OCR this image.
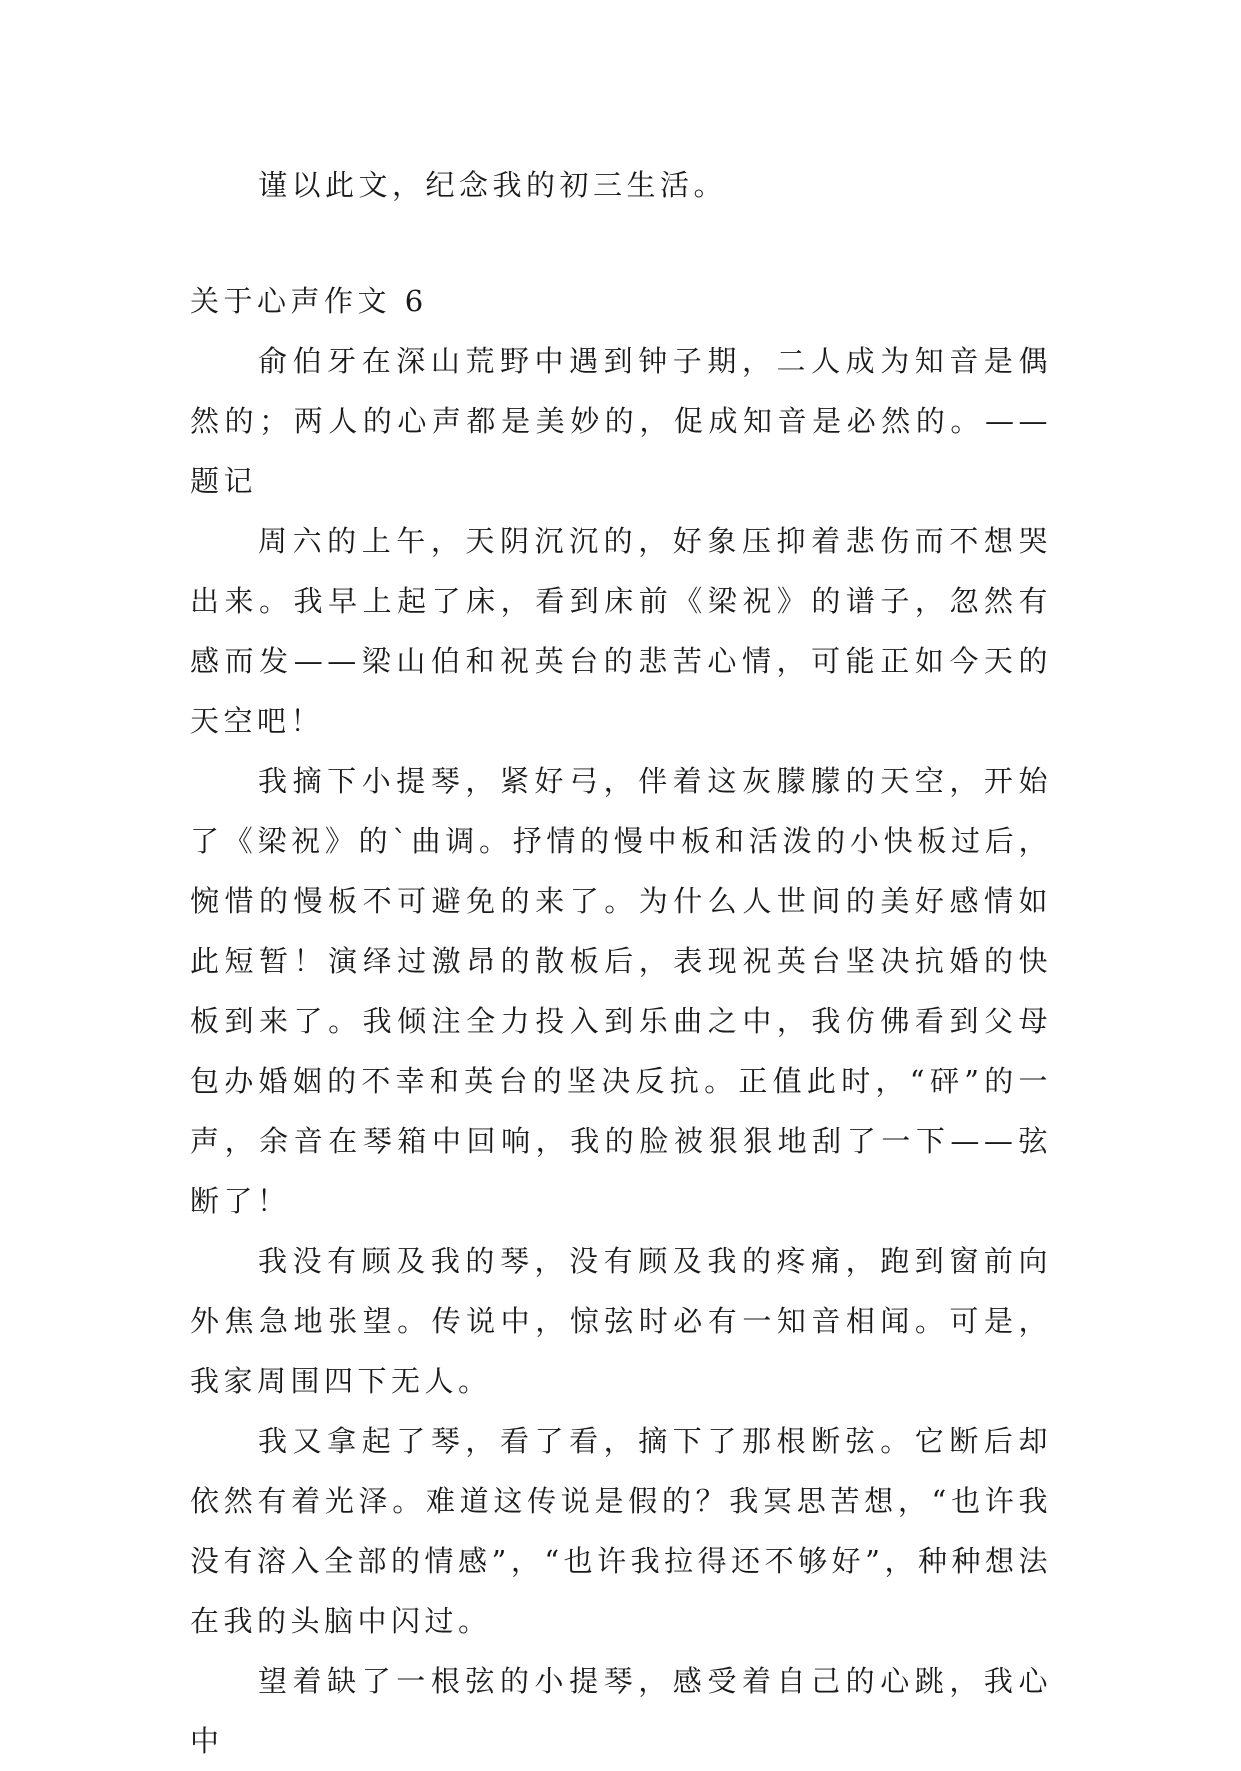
谨以此文，纪念我的初三生活。

关于心声作文 6

俞伯牙在深山荒野中遇到钟子期，二人成为知音是偶然的；两人的心声都是美妙的，促成知音是必然的。——题记

周六的上午，天阴沉沉的，好象压抑着悲伤而不想哭出来。我早上起了床，看到床前《梁祝》的谱子，忽然有感而发——梁山伯和祝英台的悲苦心情，可能正如今天的天空吧！

我摘下小提琴，紧好弓，伴着这灰朦朦的天空，开始了《梁祝》的`曲调。抒情的慢中板和活泼的小快板过后，惋惜的慢板不可避免的来了。为什么人世间的美好感情如此短暂！演绎过激昂的散板后，表现祝英台坚决抗婚的快板到来了。我倾注全力投入到乐曲之中，我仿佛看到父母包办婚姻的不幸和英台的坚决反抗。正值此时，“砰”的一声，余音在琴箱中回响，我的脸被狠狠地刮了一下——弦断了！

我没有顾及我的琴，没有顾及我的疼痛，跑到窗前向外焦急地张望。传说中，惊弦时必有一知音相闻。可是，我家周围四下无人。

我又拿起了琴，看了看，摘下了那根断弦。它断后却依然有着光泽。难道这传说是假的？我冥思苦想，“也许我没有溶入全部的情感”，“也许我拉得还不够好”，种种想法在我的头脑中闪过。

望着缺了一根弦的小提琴，感受着自己的心跳，我心中
